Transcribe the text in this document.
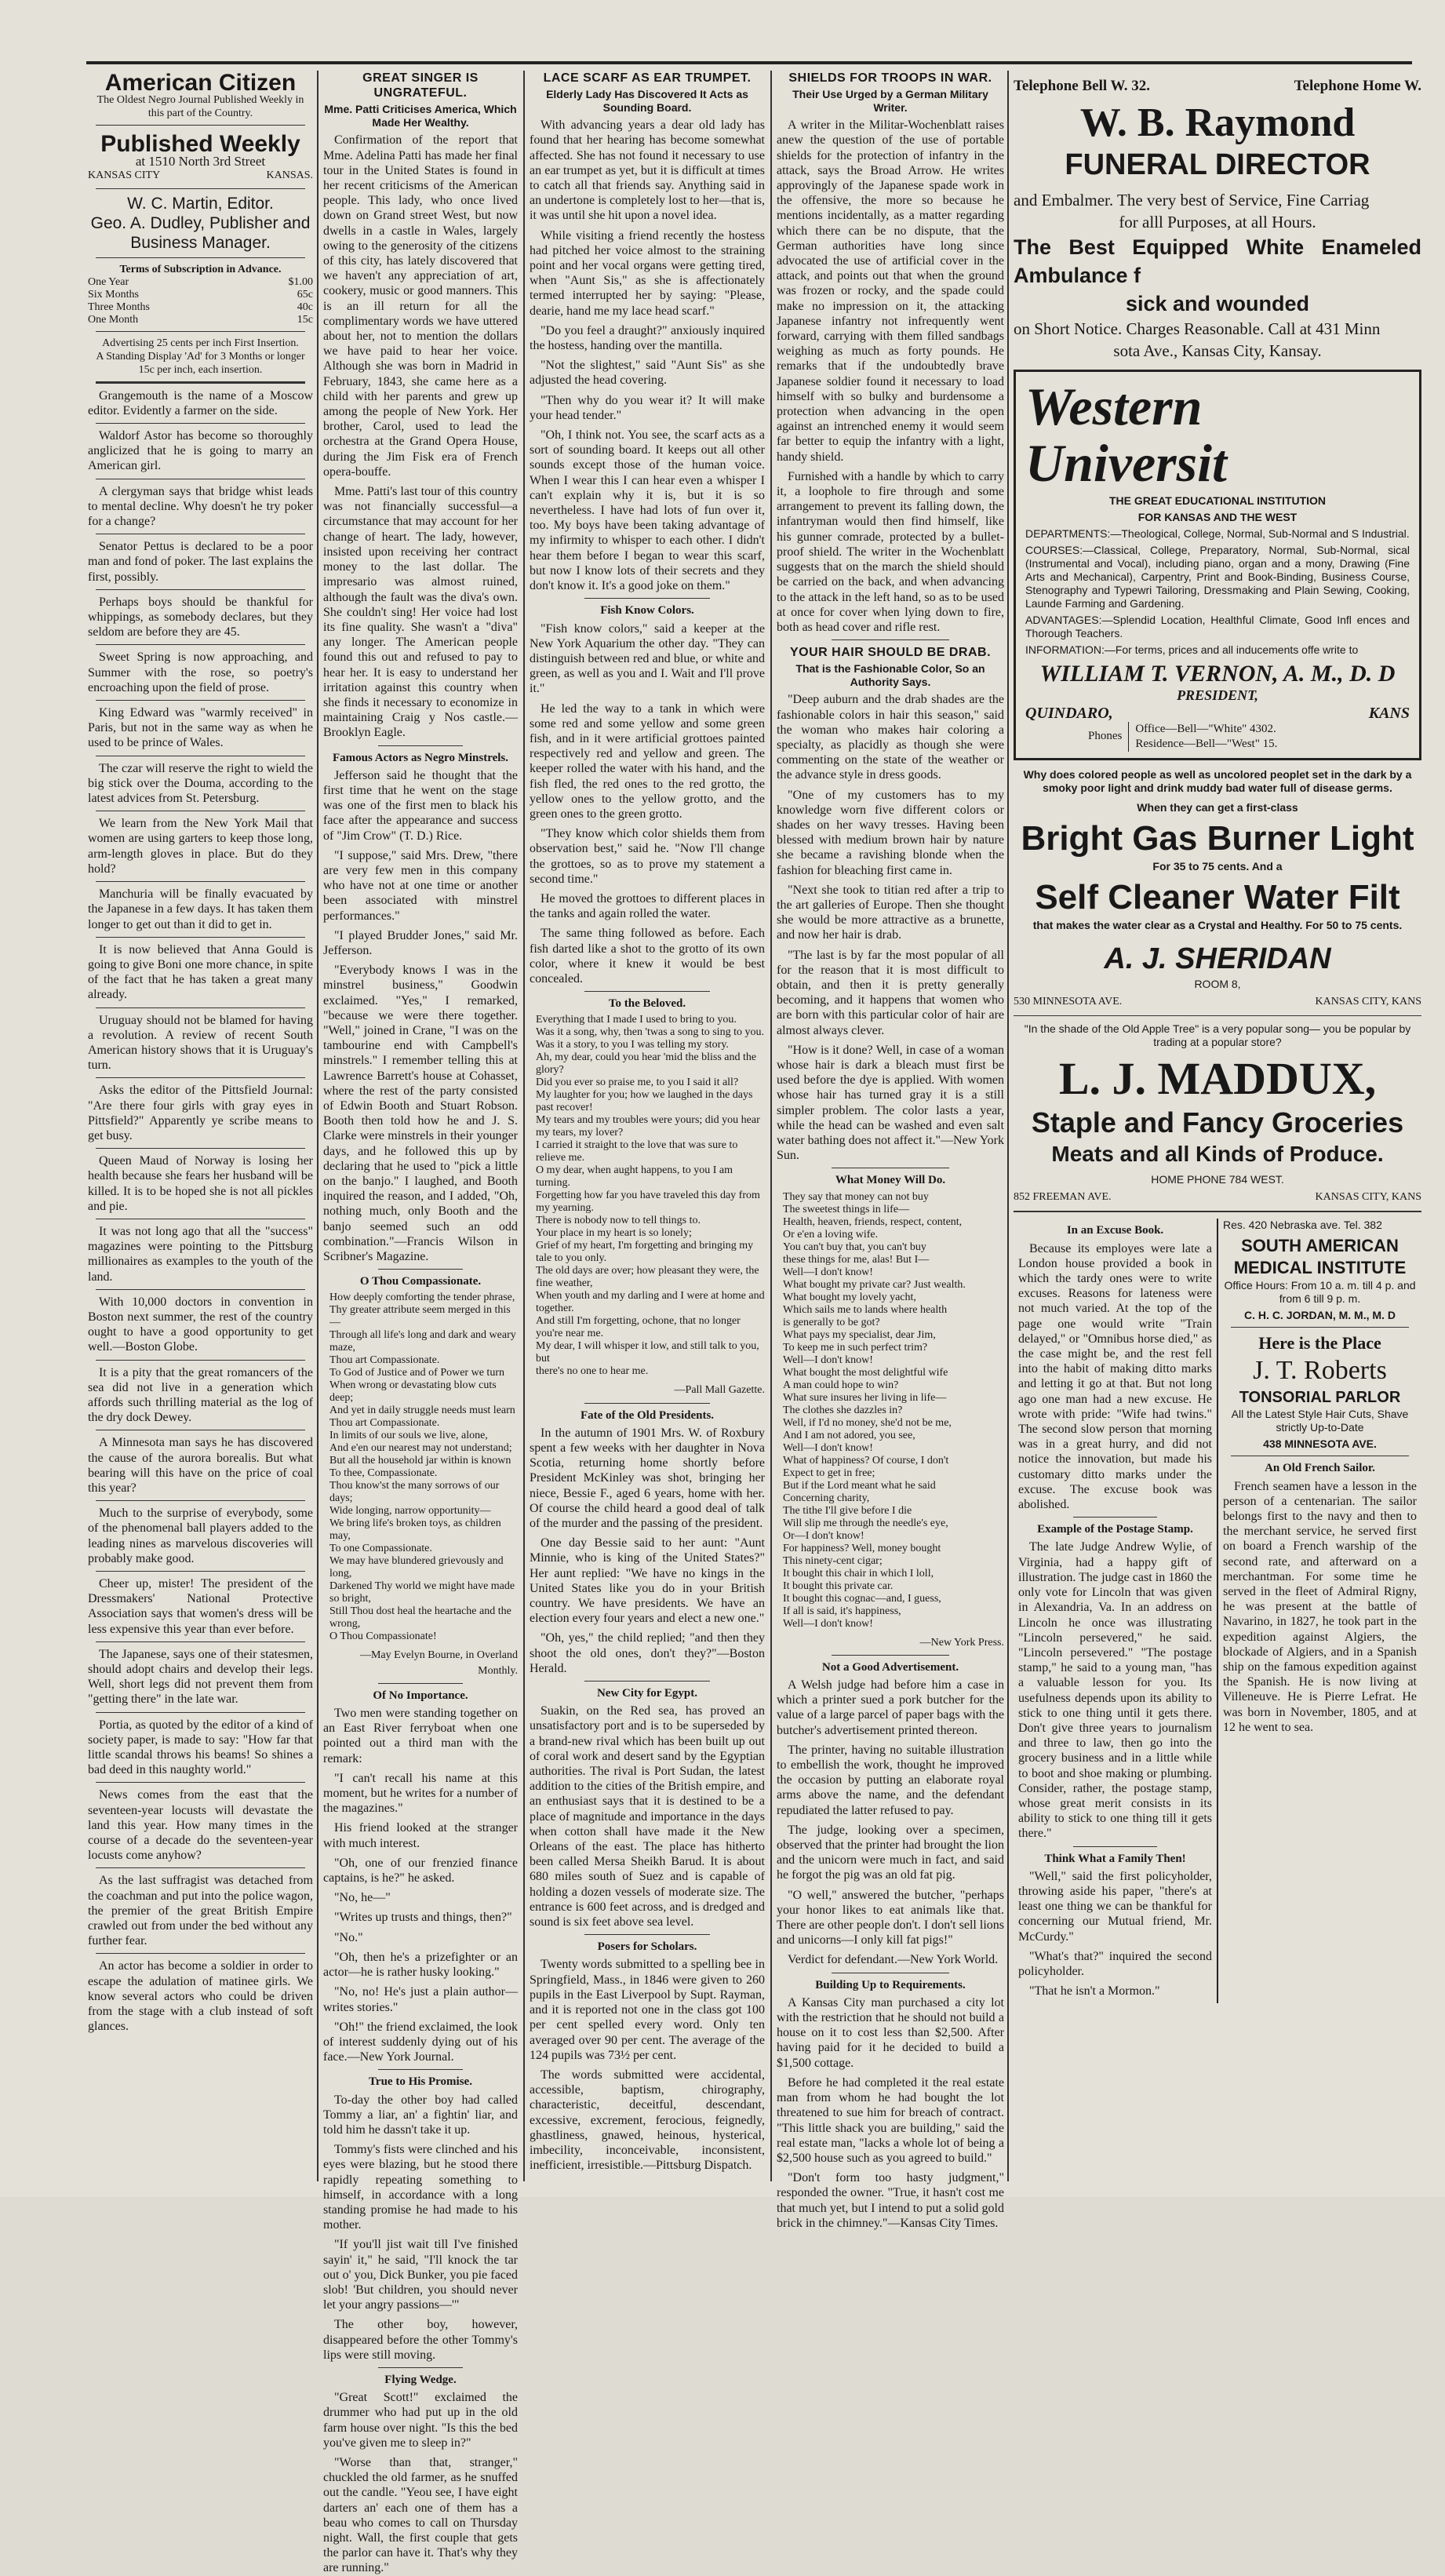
American Citizen

The Oldest Negro Journal Published Weekly in this part of the Country.

Published Weekly

at 1510 North 3rd Street

KANSAS CITY	KANSAS.
W. C. Martin, Editor.
Geo. A. Dudley, Publisher and Business Manager.

Terms of Subscription in Advance.

One Year	$1.00
Six Months	65c
Three Months	40c
One Month	15c

Advertising 25 cents per inch First Insertion.

A Standing Display 'Ad' for 3 Months or longer 15c per inch, each insertion.

Grangemouth is the name of a Moscow editor. Evidently a farmer on the side.

Waldorf Astor has become so thoroughly anglicized that he is going to marry an American girl.

A clergyman says that bridge whist leads to mental decline. Why doesn't he try poker for a change?

Senator Pettus is declared to be a poor man and fond of poker. The last explains the first, possibly.

Perhaps boys should be thankful for whippings, as somebody declares, but they seldom are before they are 45.

Sweet Spring is now approaching, and Summer with the rose, so poetry's encroaching upon the field of prose.

King Edward was "warmly received" in Paris, but not in the same way as when he used to be prince of Wales.

The czar will reserve the right to wield the big stick over the Douma, according to the latest advices from St. Petersburg.

We learn from the New York Mail that women are using garters to keep those long, arm-length gloves in place. But do they hold?

Manchuria will be finally evacuated by the Japanese in a few days. It has taken them longer to get out than it did to get in.

It is now believed that Anna Gould is going to give Boni one more chance, in spite of the fact that he has taken a great many already.

Uruguay should not be blamed for having a revolution. A review of recent South American history shows that it is Uruguay's turn.

Asks the editor of the Pittsfield Journal: "Are there four girls with gray eyes in Pittsfield?" Apparently ye scribe means to get busy.

Queen Maud of Norway is losing her health because she fears her husband will be killed. It is to be hoped she is not all pickles and pie.

It was not long ago that all the "success" magazines were pointing to the Pittsburg millionaires as examples to the youth of the land.

With 10,000 doctors in convention in Boston next summer, the rest of the country ought to have a good opportunity to get well.—Boston Globe.

It is a pity that the great romancers of the sea did not live in a generation which affords such thrilling material as the log of the dry dock Dewey.

A Minnesota man says he has discovered the cause of the aurora borealis. But what bearing will this have on the price of coal this year?

Much to the surprise of everybody, some of the phenomenal ball players added to the leading nines as marvelous discoveries will probably make good.

Cheer up, mister! The president of the Dressmakers' National Protective Association says that women's dress will be less expensive this year than ever before.

The Japanese, says one of their statesmen, should adopt chairs and develop their legs. Well, short legs did not prevent them from "getting there" in the late war.

Portia, as quoted by the editor of a kind of society paper, is made to say: "How far that little scandal throws his beams! So shines a bad deed in this naughty world."

News comes from the east that the seventeen-year locusts will devastate the land this year. How many times in the course of a decade do the seventeen-year locusts come anyhow?

As the last suffragist was detached from the coachman and put into the police wagon, the premier of the great British Empire crawled out from under the bed without any further fear.

An actor has become a soldier in order to escape the adulation of matinee girls. We know several actors who could be driven from the stage with a club instead of soft glances.

GREAT SINGER IS UNGRATEFUL.
Mme. Patti Criticises America, Which Made Her Wealthy.

Confirmation of the report that Mme. Adelina Patti has made her final tour in the United States is found in her recent criticisms of the American people. This lady, who once lived down on Grand street West, but now dwells in a castle in Wales, largely owing to the generosity of the citizens of this city, has lately discovered that we haven't any appreciation of art, cookery, music or good manners. This is an ill return for all the complimentary words we have uttered about her, not to mention the dollars we have paid to hear her voice. Although she was born in Madrid in February, 1843, she came here as a child with her parents and grew up among the people of New York. Her brother, Carol, used to lead the orchestra at the Grand Opera House, during the Jim Fisk era of French opera-bouffe.

Mme. Patti's last tour of this country was not financially successful—a circumstance that may account for her change of heart. The lady, however, insisted upon receiving her contract money to the last dollar. The impresario was almost ruined, although the fault was the diva's own. She couldn't sing! Her voice had lost its fine quality. She wasn't a "diva" any longer. The American people found this out and refused to pay to hear her. It is easy to understand her irritation against this country when she finds it necessary to economize in maintaining Craig y Nos castle.—Brooklyn Eagle.

Famous Actors as Negro Minstrels.

Jefferson said he thought that the first time that he went on the stage was one of the first men to black his face after the appearance and success of "Jim Crow" (T. D.) Rice.

"I suppose," said Mrs. Drew, "there are very few men in this company who have not at one time or another been associated with minstrel performances."

"I played Brudder Jones," said Mr. Jefferson.

"Everybody knows I was in the minstrel business," Goodwin exclaimed. "Yes," I remarked, "because we were there together. "Well," joined in Crane, "I was on the tambourine end with Campbell's minstrels." I remember telling this at Lawrence Barrett's house at Cohasset, where the rest of the party consisted of Edwin Booth and Stuart Robson. Booth then told how he and J. S. Clarke were minstrels in their younger days, and he followed this up by declaring that he used to "pick a little on the banjo." I laughed, and Booth inquired the reason, and I added, "Oh, nothing much, only Booth and the banjo seemed such an odd combination."—Francis Wilson in Scribner's Magazine.

O Thou Compassionate.
How deeply comforting the tender phrase,
Thy greater attribute seem merged in this—
Through all life's long and dark and weary maze,
Thou art Compassionate.
To God of Justice and of Power we turn
When wrong or devastating blow cuts deep;
And yet in daily struggle needs must learn
Thou art Compassionate.
In limits of our souls we live, alone,
And e'en our nearest may not understand;
But all the household jar within is known
To thee, Compassionate.
Thou know'st the many sorrows of our days;
Wide longing, narrow opportunity—
We bring life's broken toys, as children may,
To one Compassionate.
We may have blundered grievously and long,
Darkened Thy world we might have made so bright,
Still Thou dost heal the heartache and the wrong,
O Thou Compassionate!

—May Evelyn Bourne, in Overland Monthly.

Of No Importance.

Two men were standing together on an East River ferryboat when one pointed out a third man with the remark:

"I can't recall his name at this moment, but he writes for a number of the magazines."

His friend looked at the stranger with much interest.

"Oh, one of our frenzied finance captains, is he?" he asked.

"No, he—"

"Writes up trusts and things, then?"

"No."

"Oh, then he's a prizefighter or an actor—he is rather husky looking."

"No, no! He's just a plain author—writes stories."

"Oh!" the friend exclaimed, the look of interest suddenly dying out of his face.—New York Journal.

True to His Promise.

To-day the other boy had called Tommy a liar, an' a fightin' liar, and told him he dassn't take it up.

Tommy's fists were clinched and his eyes were blazing, but he stood there rapidly repeating something to himself, in accordance with a long standing promise he had made to his mother.

"If you'll jist wait till I've finished sayin' it," he said, "I'll knock the tar out o' you, Dick Bunker, you pie faced slob! 'But children, you should never let your angry passions—'"

The other boy, however, disappeared before the other Tommy's lips were still moving.

Flying Wedge.

"Great Scott!" exclaimed the drummer who had put up in the old farm house over night. "Is this the bed you've given me to sleep in?"

"Worse than that, stranger," chuckled the old farmer, as he snuffed out the candle. "Yeou see, I have eight darters an' each one of them has a beau who comes to call on Thursday night. Wall, the first couple that gets the parlor can have it. That's why they are running."

LACE SCARF AS EAR TRUMPET.
Elderly Lady Has Discovered It Acts as Sounding Board.

With advancing years a dear old lady has found that her hearing has become somewhat affected. She has not found it necessary to use an ear trumpet as yet, but it is difficult at times to catch all that friends say. Anything said in an undertone is completely lost to her—that is, it was until she hit upon a novel idea.

While visiting a friend recently the hostess had pitched her voice almost to the straining point and her vocal organs were getting tired, when "Aunt Sis," as she is affectionately termed interrupted her by saying: "Please, dearie, hand me my lace head scarf."

"Do you feel a draught?" anxiously inquired the hostess, handing over the mantilla.

"Not the slightest," said "Aunt Sis" as she adjusted the head covering.

"Then why do you wear it? It will make your head tender."

"Oh, I think not. You see, the scarf acts as a sort of sounding board. It keeps out all other sounds except those of the human voice. When I wear this I can hear even a whisper I can't explain why it is, but it is so nevertheless. I have had lots of fun over it, too. My boys have been taking advantage of my infirmity to whisper to each other. I didn't hear them before I began to wear this scarf, but now I know lots of their secrets and they don't know it. It's a good joke on them."

Fish Know Colors.

"Fish know colors," said a keeper at the New York Aquarium the other day. "They can distinguish between red and blue, or white and green, as well as you and I. Wait and I'll prove it."

He led the way to a tank in which were some red and some yellow and some green fish, and in it were artificial grottoes painted respectively red and yellow and green. The keeper rolled the water with his hand, and the fish fled, the red ones to the red grotto, the yellow ones to the yellow grotto, and the green ones to the green grotto.

"They know which color shields them from observation best," said he. "Now I'll change the grottoes, so as to prove my statement a second time."

He moved the grottoes to different places in the tanks and again rolled the water.

The same thing followed as before. Each fish darted like a shot to the grotto of its own color, where it knew it would be best concealed.

To the Beloved.
Everything that I made I used to bring to you.
Was it a song, why, then 'twas a song to sing to you.
Was it a story, to you I was telling my story.
Ah, my dear, could you hear 'mid the bliss and the glory?
Did you ever so praise me, to you I said it all?
My laughter for you; how we laughed in the days past recover!
My tears and my troubles were yours; did you hear my tears, my lover?
I carried it straight to the love that was sure to relieve me.
O my dear, when aught happens, to you I am turning.
Forgetting how far you have traveled this day from my yearning.
There is nobody now to tell things to.
Your place in my heart is so lonely;
Grief of my heart, I'm forgetting and bringing my tale to you only.
The old days are over; how pleasant they were, the fine weather,
When youth and my darling and I were at home and together.
And still I'm forgetting, ochone, that no longer you're near me.
My dear, I will whisper it low, and still talk to you, but
there's no one to hear me.

—Pall Mall Gazette.

Fate of the Old Presidents.

In the autumn of 1901 Mrs. W. of Roxbury spent a few weeks with her daughter in Nova Scotia, returning home shortly before President McKinley was shot, bringing her niece, Bessie F., aged 6 years, home with her. Of course the child heard a good deal of talk of the murder and the passing of the president.

One day Bessie said to her aunt: "Aunt Minnie, who is king of the United States?" Her aunt replied: "We have no kings in the United States like you do in your British country. We have presidents. We have an election every four years and elect a new one."

"Oh, yes," the child replied; "and then they shoot the old ones, don't they?"—Boston Herald.

New City for Egypt.

Suakin, on the Red sea, has proved an unsatisfactory port and is to be superseded by a brand-new rival which has been built up out of coral work and desert sand by the Egyptian authorities. The rival is Port Sudan, the latest addition to the cities of the British empire, and an enthusiast says that it is destined to be a place of magnitude and importance in the days when cotton shall have made it the New Orleans of the east. The place has hitherto been called Mersa Sheikh Barud. It is about 680 miles south of Suez and is capable of holding a dozen vessels of moderate size. The entrance is 600 feet across, and is dredged and sound is six feet above sea level.

Posers for Scholars.

Twenty words submitted to a spelling bee in Springfield, Mass., in 1846 were given to 260 pupils in the East Liverpool by Supt. Rayman, and it is reported not one in the class got 100 per cent spelled every word. Only ten averaged over 90 per cent. The average of the 124 pupils was 73½ per cent.

The words submitted were accidental, accessible, baptism, chirography, characteristic, deceitful, descendant, excessive, excrement, ferocious, feignedly, ghastliness, gnawed, heinous, hysterical, imbecility, inconceivable, inconsistent, inefficient, irresistible.—Pittsburg Dispatch.

SHIELDS FOR TROOPS IN WAR.
Their Use Urged by a German Military Writer.

A writer in the Militar-Wochenblatt raises anew the question of the use of portable shields for the protection of infantry in the attack, says the Broad Arrow. He writes approvingly of the Japanese spade work in the offensive, the more so because he mentions incidentally, as a matter regarding which there can be no dispute, that the German authorities have long since advocated the use of artificial cover in the attack, and points out that when the ground was frozen or rocky, and the spade could make no impression on it, the attacking Japanese infantry not infrequently went forward, carrying with them filled sandbags weighing as much as forty pounds. He remarks that if the undoubtedly brave Japanese soldier found it necessary to load himself with so bulky and burdensome a protection when advancing in the open against an intrenched enemy it would seem far better to equip the infantry with a light, handy shield.

Furnished with a handle by which to carry it, a loophole to fire through and some arrangement to prevent its falling down, the infantryman would then find himself, like his gunner comrade, protected by a bullet-proof shield. The writer in the Wochenblatt suggests that on the march the shield should be carried on the back, and when advancing to the attack in the left hand, so as to be used at once for cover when lying down to fire, both as head cover and rifle rest.

YOUR HAIR SHOULD BE DRAB.
That is the Fashionable Color, So an Authority Says.

"Deep auburn and the drab shades are the fashionable colors in hair this season," said the woman who makes hair coloring a specialty, as placidly as though she were commenting on the state of the weather or the advance style in dress goods.

"One of my customers has to my knowledge worn five different colors or shades on her wavy tresses. Having been blessed with medium brown hair by nature she became a ravishing blonde when the fashion for bleaching first came in.

"Next she took to titian red after a trip to the art galleries of Europe. Then she thought she would be more attractive as a brunette, and now her hair is drab.

"The last is by far the most popular of all for the reason that it is most difficult to obtain, and then it is pretty generally becoming, and it happens that women who are born with this particular color of hair are almost always clever.

"How is it done? Well, in case of a woman whose hair is dark a bleach must first be used before the dye is applied. With women whose hair has turned gray it is a still simpler problem. The color lasts a year, while the head can be washed and even salt water bathing does not affect it."—New York Sun.

What Money Will Do.
They say that money can not buy
The sweetest things in life—
Health, heaven, friends, respect, content,
Or e'en a loving wife.
You can't buy that, you can't buy
these things for me, alas! But I—
Well—I don't know!
What bought my private car? Just wealth.
What bought my lovely yacht,
Which sails me to lands where health
is generally to be got?
What pays my specialist, dear Jim,
To keep me in such perfect trim?
Well—I don't know!
What bought the most delightful wife
A man could hope to win?
What sure insures her living in life—
The clothes she dazzles in?
Well, if I'd no money, she'd not be me,
And I am not adored, you see,
Well—I don't know!
What of happiness? Of course, I don't
Expect to get in free;
But if the Lord meant what he said
Concerning charity,
The tithe I'll give before I die
Will slip me through the needle's eye,
Or—I don't know!
For happiness? Well, money bought
This ninety-cent cigar;
It bought this chair in which I loll,
It bought this private car.
It bought this cognac—and, I guess,
If all is said, it's happiness,
Well—I don't know!

—New York Press.

Not a Good Advertisement.

A Welsh judge had before him a case in which a printer sued a pork butcher for the value of a large parcel of paper bags with the butcher's advertisement printed thereon.

The printer, having no suitable illustration to embellish the work, thought he improved the occasion by putting an elaborate royal arms above the name, and the defendant repudiated the latter refused to pay.

The judge, looking over a specimen, observed that the printer had brought the lion and the unicorn were much in fact, and said he forgot the pig was an old fat pig.

"O well," answered the butcher, "perhaps your honor likes to eat animals like that. There are other people don't. I don't sell lions and unicorns—I only kill fat pigs!"

Verdict for defendant.—New York World.

Building Up to Requirements.

A Kansas City man purchased a city lot with the restriction that he should not build a house on it to cost less than $2,500. After having paid for it he decided to build a $1,500 cottage.

Before he had completed it the real estate man from whom he had bought the lot threatened to sue him for breach of contract. "This little shack you are building," said the real estate man, "lacks a whole lot of being a $2,500 house such as you agreed to build."

"Don't form too hasty judgment," responded the owner. "True, it hasn't cost me that much yet, but I intend to put a solid gold brick in the chimney."—Kansas City Times.

Telephone Bell W. 32.	Telephone Home W.
W. B. Raymond
FUNERAL DIRECTOR

and Embalmer. The very best of Service, Fine Carriag

for alll Purposes, at all Hours.

The Best Equipped White Enameled Ambulance f

sick and wounded

on Short Notice. Charges Reasonable. Call at 431 Minn

sota Ave., Kansas City, Kansay.

Western Universit

THE GREAT EDUCATIONAL INSTITUTION

FOR KANSAS AND THE WEST

DEPARTMENTS:—Theological, College, Normal, Sub-Normal and S Industrial.

COURSES:—Classical, College, Preparatory, Normal, Sub-Normal, sical (Instrumental and Vocal), including piano, organ and a mony, Drawing (Fine Arts and Mechanical), Carpentry, Print and Book-Binding, Business Course, Stenography and Typewri Tailoring, Dressmaking and Plain Sewing, Cooking, Launde Farming and Gardening.

ADVANTAGES:—Splendid Location, Healthful Climate, Good Infl ences and Thorough Teachers.

INFORMATION:—For terms, prices and all inducements offe write to

WILLIAM T. VERNON, A. M., D. D
PRESIDENT,
QUINDARO,	KANS
Phones
Office—Bell—"White" 4302.
Residence—Bell—"West" 15.

Why does colored people as well as uncolored peoplet set in the dark by a smoky poor light and drink muddy bad water full of disease germs.

When they can get a first-class

Bright Gas Burner Light

For 35 to 75 cents. And a

Self Cleaner Water Filt

that makes the water clear as a Crystal and Healthy. For 50 to 75 cents.

A. J. SHERIDAN

ROOM 8,

530 MINNESOTA AVE.	KANSAS CITY, KANS

"In the shade of the Old Apple Tree" is a very popular song— you be popular by trading at a popular store?

L. J. MADDUX,
Staple and Fancy Groceries
Meats and all Kinds of Produce.

HOME PHONE 784 WEST.

852 FREEMAN AVE.	KANSAS CITY, KANS
In an Excuse Book.

Because its employes were late a London house provided a book in which the tardy ones were to write excuses. Reasons for lateness were not much varied. At the top of the page one would write "Train delayed," or "Omnibus horse died," as the case might be, and the rest fell into the habit of making ditto marks and letting it go at that. But not long ago one man had a new excuse. He wrote with pride: "Wife had twins." The second slow person that morning was in a great hurry, and did not notice the innovation, but made his customary ditto marks under the excuse. The excuse book was abolished.

Example of the Postage Stamp.

The late Judge Andrew Wylie, of Virginia, had a happy gift of illustration. The judge cast in 1860 the only vote for Lincoln that was given in Alexandria, Va. In an address on Lincoln he once was illustrating "Lincoln persevered," he said. "Lincoln persevered." "The postage stamp," he said to a young man, "has a valuable lesson for you. Its usefulness depends upon its ability to stick to one thing until it gets there. Don't give three years to journalism and three to law, then go into the grocery business and in a little while to boot and shoe making or plumbing. Consider, rather, the postage stamp, whose great merit consists in its ability to stick to one thing till it gets there."

Think What a Family Then!

"Well," said the first policyholder, throwing aside his paper, "there's at least one thing we can be thankful for concerning our Mutual friend, Mr. McCurdy."

"What's that?" inquired the second policyholder.

"That he isn't a Mormon."

Res. 420 Nebraska ave. Tel. 382

SOUTH AMERICAN MEDICAL INSTITUTE

Office Hours: From 10 a. m. till 4 p. and from 6 till 9 p. m.

C. H. C. JORDAN, M. M., M. D

Here is the Place
J. T. Roberts
TONSORIAL PARLOR

All the Latest Style Hair Cuts, Shave strictly Up-to-Date

438 MINNESOTA AVE.

An Old French Sailor.

French seamen have a lesson in the person of a centenarian. The sailor belongs first to the navy and then to the merchant service, he served first on board a French warship of the second rate, and afterward on a merchantman. For some time he served in the fleet of Admiral Rigny, he was present at the battle of Navarino, in 1827, he took part in the expedition against Algiers, the blockade of Algiers, and in a Spanish ship on the famous expedition against the Spanish. He is now living at Villeneuve. He is Pierre Lefrat. He was born in November, 1805, and at 12 he went to sea.
